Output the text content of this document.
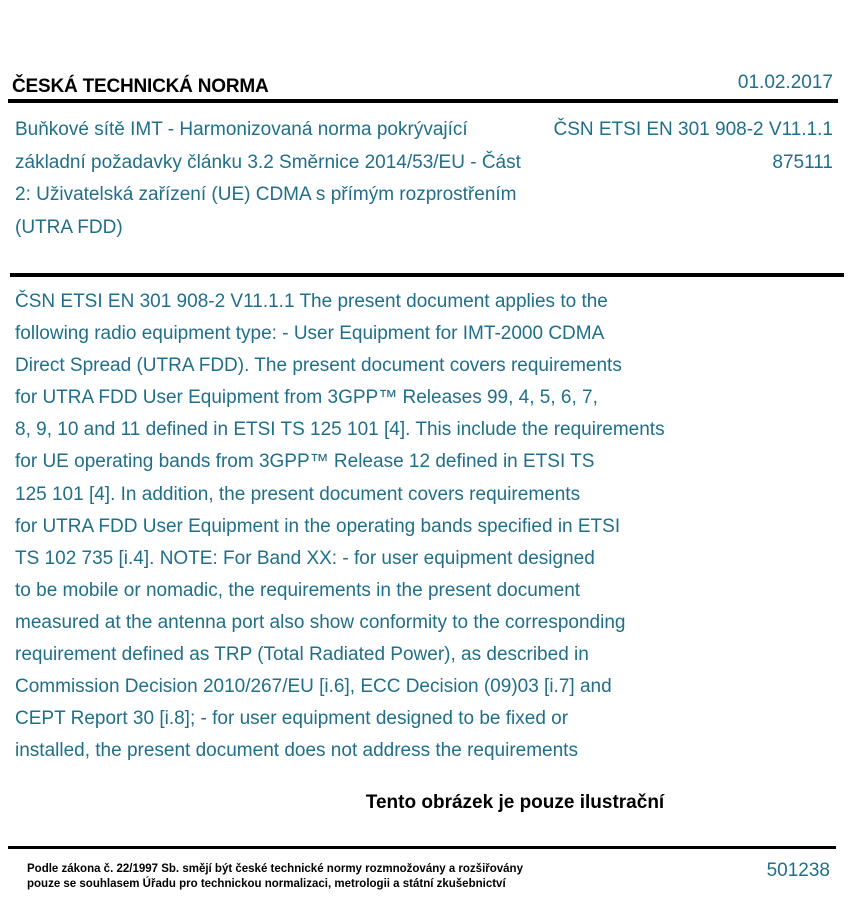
ČESKÁ TECHNICKÁ NORMA	01.02.2017
Buňkové sítě IMT - Harmonizovaná norma pokrývající základní požadavky článku 3.2 Směrnice 2014/53/EU - Část 2: Uživatelská zařízení (UE) CDMA s přímým rozprostřením (UTRA FDD)
ČSN ETSI EN 301 908-2 V11.1.1
875111
ČSN ETSI EN 301 908-2 V11.1.1 The present document applies to the
following radio equipment type: - User Equipment for IMT-2000 CDMA
Direct Spread (UTRA FDD). The present document covers requirements
for UTRA FDD User Equipment from 3GPP™ Releases 99, 4, 5, 6, 7,
8, 9, 10 and 11 defined in ETSI TS 125 101 [4]. This include the requirements
for UE operating bands from 3GPP™ Release 12 defined in ETSI TS
125 101 [4]. In addition, the present document covers requirements
for UTRA FDD User Equipment in the operating bands specified in ETSI
TS 102 735 [i.4]. NOTE: For Band XX: - for user equipment designed
to be mobile or nomadic, the requirements in the present document
measured at the antenna port also show conformity to the corresponding
requirement defined as TRP (Total Radiated Power), as described in
Commission Decision 2010/267/EU [i.6], ECC Decision (09)03 [i.7] and
CEPT Report 30 [i.8]; - for user equipment designed to be fixed or
installed, the present document does not address the requirements
Tento obrázek je pouze ilustrační
Podle zákona č. 22/1997 Sb. smějí být české technické normy rozmnožovány a rozšiřovány
pouze se souhlasem Úřadu pro technickou normalizaci, metrologii a státní zkušebnictví
501238
